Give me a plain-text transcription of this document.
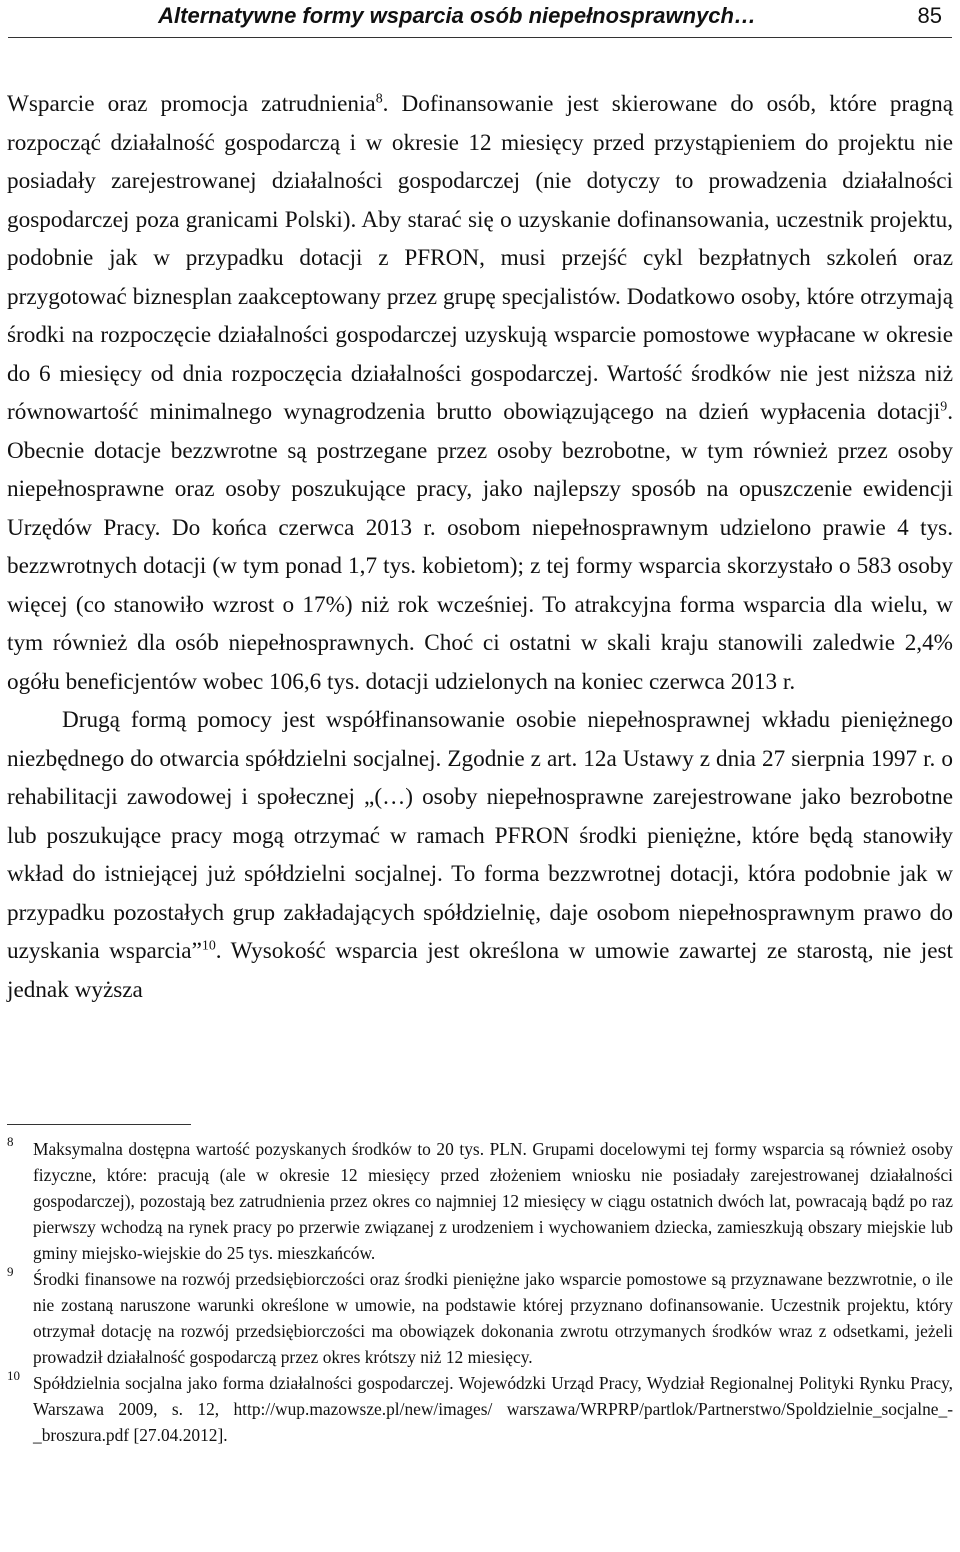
Alternatywne formy wsparcia osób niepełnosprawnych…	85

Wsparcie oraz promocja zatrudnienia$^8$. Dofinansowanie jest skierowane do osób, które pragną rozpocząć działalność gospodarczą i w okresie 12 miesięcy przed przystąpieniem do projektu nie posiadały zarejestrowanej działalności gospodarczej (nie dotyczy to prowadzenia działalności gospodarczej poza granicami Polski). Aby starać się o uzyskanie dofinansowania, uczestnik projektu, podobnie jak w przypadku dotacji z PFRON, musi przejść cykl bezpłatnych szkoleń oraz przygotować biznesplan zaakceptowany przez grupę specjalistów. Dodatkowo osoby, które otrzymają środki na rozpoczęcie działalności gospodarczej uzyskują wsparcie pomostowe wypłacane w okresie do 6 miesięcy od dnia rozpoczęcia działalności gospodarczej. Wartość środków nie jest niższa niż równowartość minimalnego wynagrodzenia brutto obowiązującego na dzień wypłacenia dotacji$^9$. Obecnie dotacje bezzwrotne są postrzegane przez osoby bezrobotne, w tym również przez osoby niepełnosprawne oraz osoby poszukujące pracy, jako najlepszy sposób na opuszczenie ewidencji Urzędów Pracy. Do końca czerwca 2013 r. osobom niepełnosprawnym udzielono prawie 4 tys. bezzwrotnych dotacji (w tym ponad 1,7 tys. kobietom); z tej formy wsparcia skorzystało o 583 osoby więcej (co stanowiło wzrost o 17%) niż rok wcześniej. To atrakcyjna forma wsparcia dla wielu, w tym również dla osób niepełnosprawnych. Choć ci ostatni w skali kraju stanowili zaledwie 2,4% ogółu beneficjentów wobec 106,6 tys. dotacji udzielonych na koniec czerwca 2013 r.

Drugą formą pomocy jest współfinansowanie osobie niepełnosprawnej wkładu pieniężnego niezbędnego do otwarcia spółdzielni socjalnej. Zgodnie z art. 12a Ustawy z dnia 27 sierpnia 1997 r. o rehabilitacji zawodowej i społecznej „(…) osoby niepełnosprawne zarejestrowane jako bezrobotne lub poszukujące pracy mogą otrzymać w ramach PFRON środki pieniężne, które będą stanowiły wkład do istniejącej już spółdzielni socjalnej. To forma bezzwrotnej dotacji, która podobnie jak w przypadku pozostałych grup zakładających spółdzielnię, daje osobom niepełnosprawnym prawo do uzyskania wsparcia”$^{10}$. Wysokość wsparcia jest określona w umowie zawartej ze starostą, nie jest jednak wyższa

8 Maksymalna dostępna wartość pozyskanych środków to 20 tys. PLN. Grupami docelowymi tej formy wsparcia są również osoby fizyczne, które: pracują (ale w okresie 12 miesięcy przed złożeniem wniosku nie posiadały zarejestrowanej działalności gospodarczej), pozostają bez zatrudnienia przez okres co najmniej 12 miesięcy w ciągu ostatnich dwóch lat, powracają bądź po raz pierwszy wchodzą na rynek pracy po przerwie związanej z urodzeniem i wychowaniem dziecka, zamieszkują obszary miejskie lub gminy miejsko-wiejskie do 25 tys. mieszkańców.

9 Środki finansowe na rozwój przedsiębiorczości oraz środki pieniężne jako wsparcie pomostowe są przyznawane bezzwrotnie, o ile nie zostaną naruszone warunki określone w umowie, na podstawie której przyznano dofinansowanie. Uczestnik projektu, który otrzymał dotację na rozwój przedsiębiorczości ma obowiązek dokonania zwrotu otrzymanych środków wraz z odsetkami, jeżeli prowadził działalność gospodarczą przez okres krótszy niż 12 miesięcy.

10 Spółdzielnia socjalna jako forma działalności gospodarczej. Wojewódzki Urząd Pracy, Wydział Regionalnej Polityki Rynku Pracy, Warszawa 2009, s. 12, http://wup.mazowsze.pl/new/images/ warszawa/WRPRP/partlok/Partnerstwo/Spoldzielnie_socjalne_-_broszura.pdf [27.04.2012].
